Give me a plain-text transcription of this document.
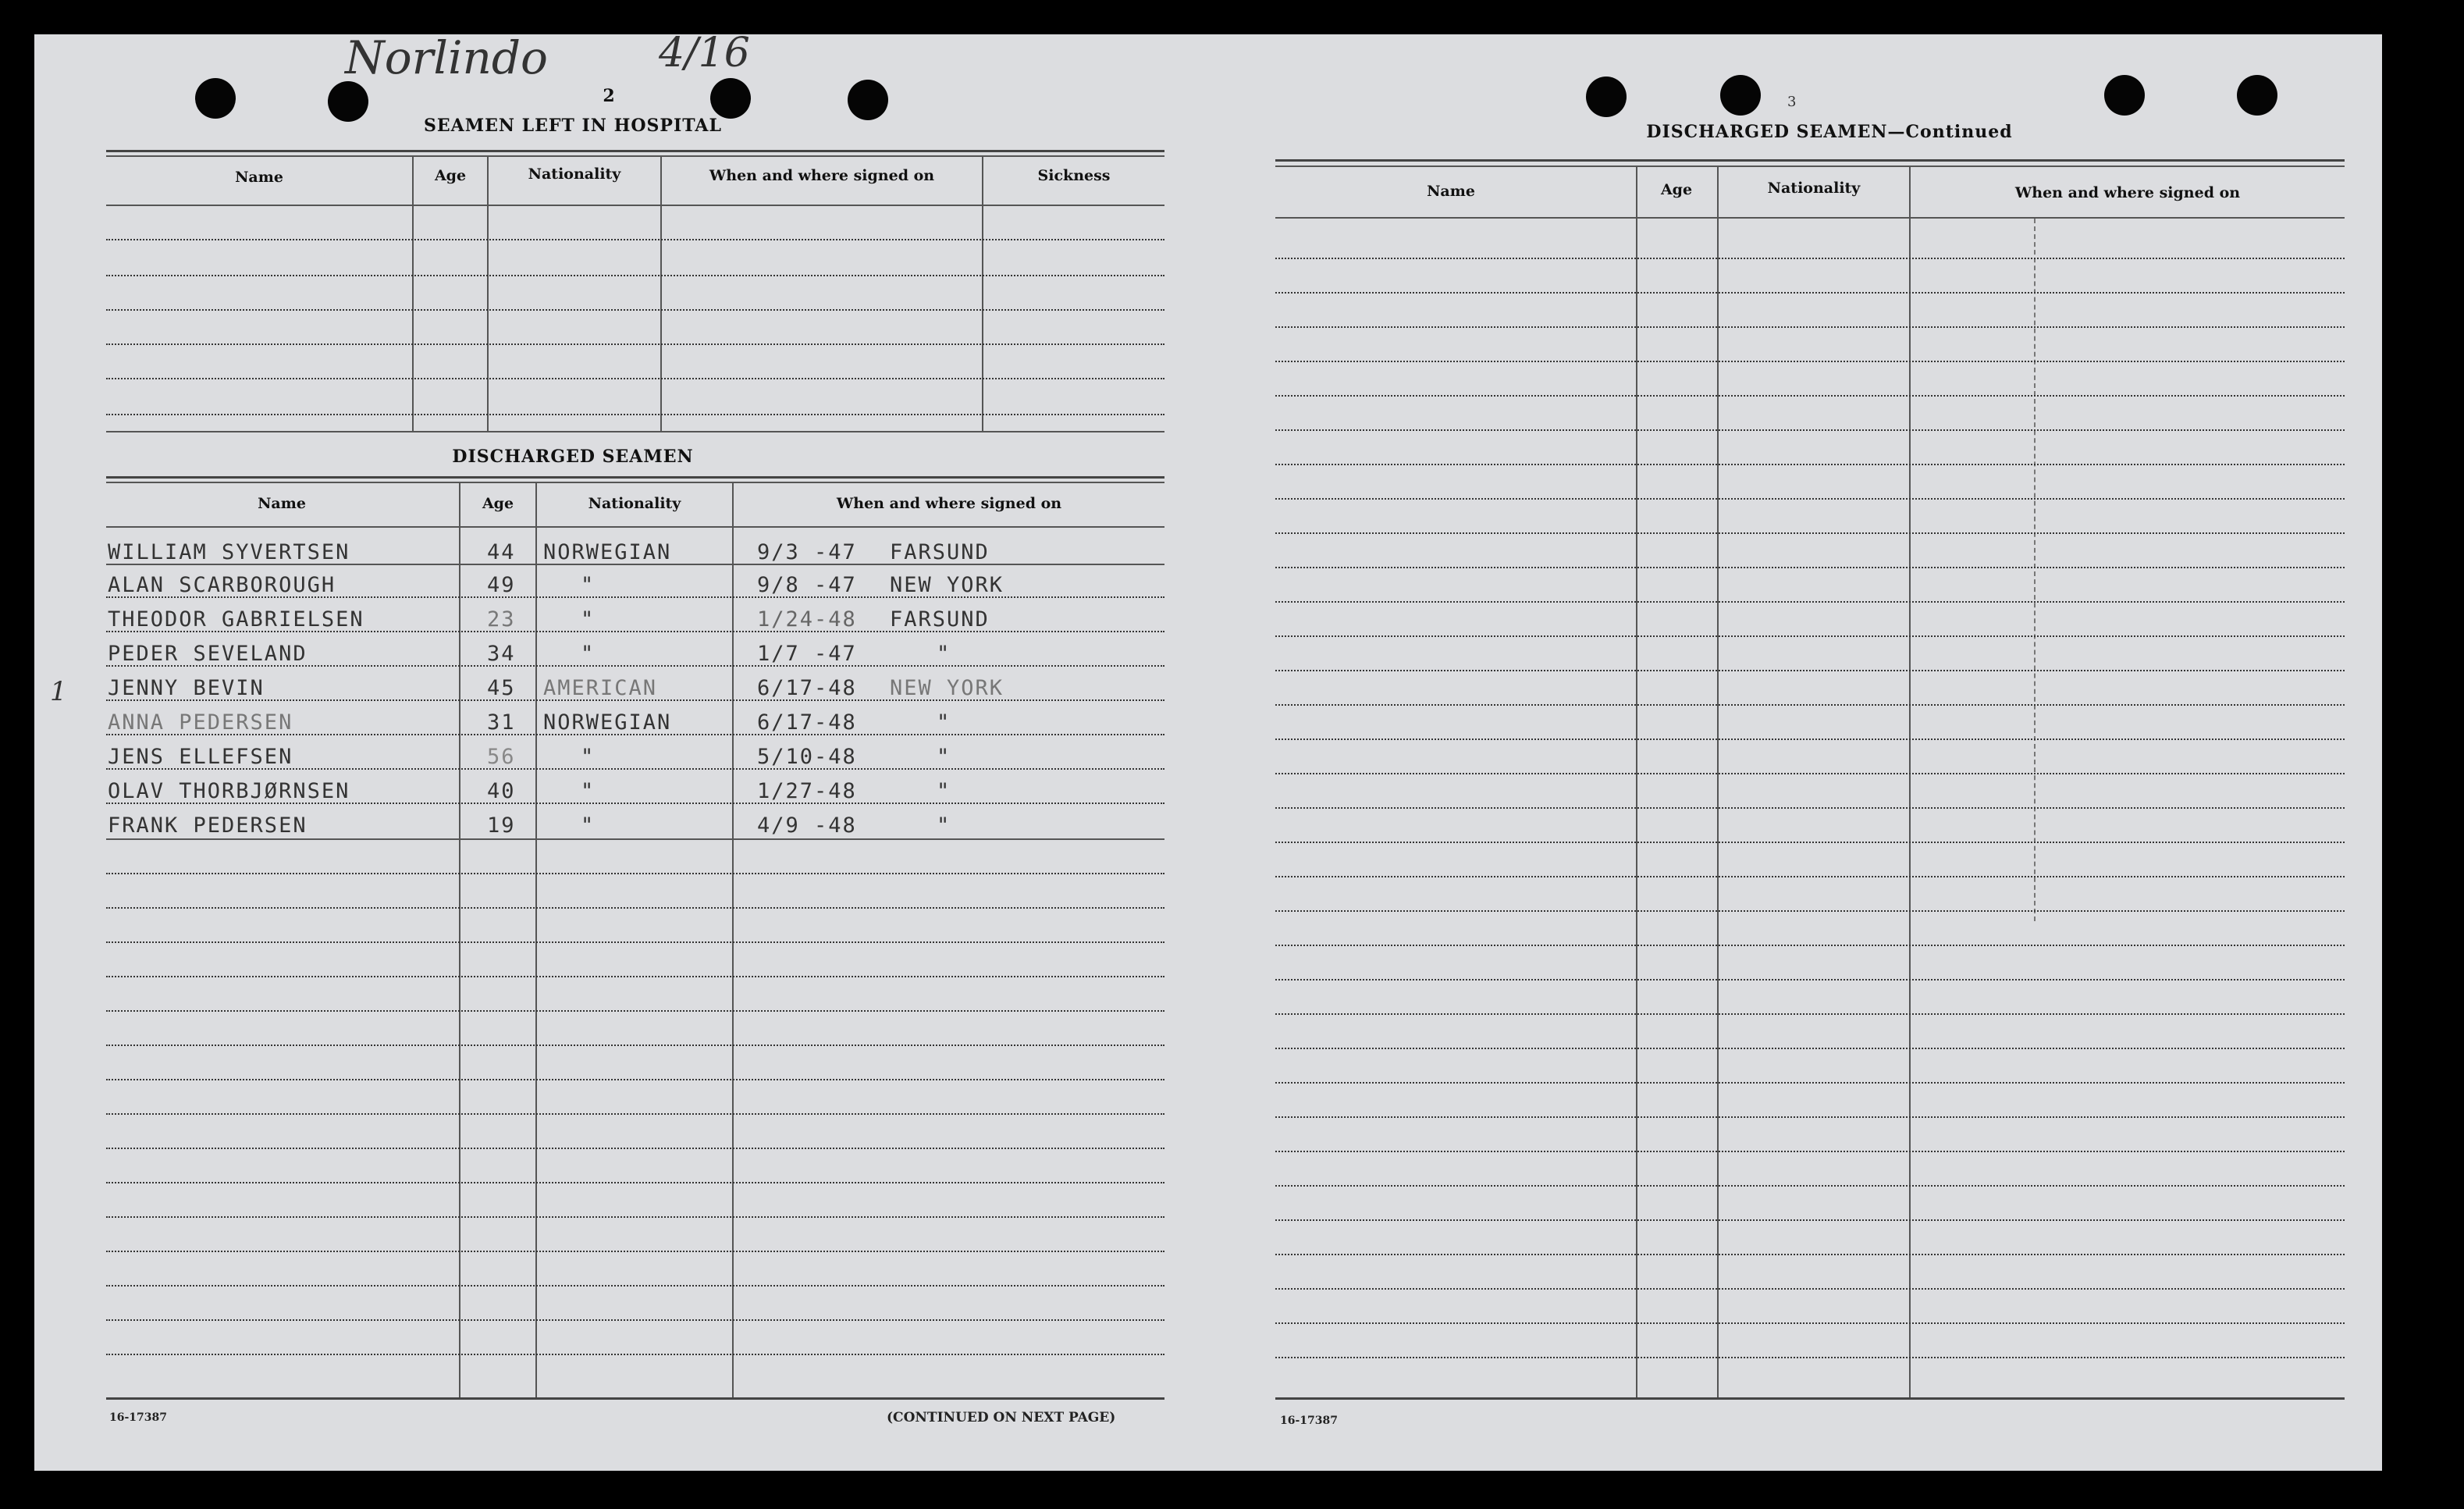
Norlindo	4/16
1
2
SEAMEN LEFT IN HOSPITAL
Name	Age	Nationality	When and where signed on	Sickness
DISCHARGED SEAMEN
Name	Age	Nationality	When and where signed on
WILLIAM SYVERTSEN	44 NORWEGIAN	9/3 -47 FARSUND
ALAN SCARBOROUGH	49	"	9/8 -47 NEW YORK
THEODOR GABRIELSEN	23	"	1/24-48 FARSUND
PEDER SEVELAND	34	"	1/7 -47	"
JENNY BEVIN	45 AMERICAN	6/17-48 NEW YORK
ANNA PEDERSEN	31 NORWEGIAN	6/17-48	"
JENS ELLEFSEN	56	"	5/10-48	"
OLAV THORBJØRNSEN	40	"	1/27-48	"
FRANK PEDERSEN	19	"	4/9 -48	"
16-17387	(CONTINUED ON NEXT PAGE)
3
DISCHARGED SEAMEN—Continued
Name	Age	Nationality	When and where signed on
16-17387
